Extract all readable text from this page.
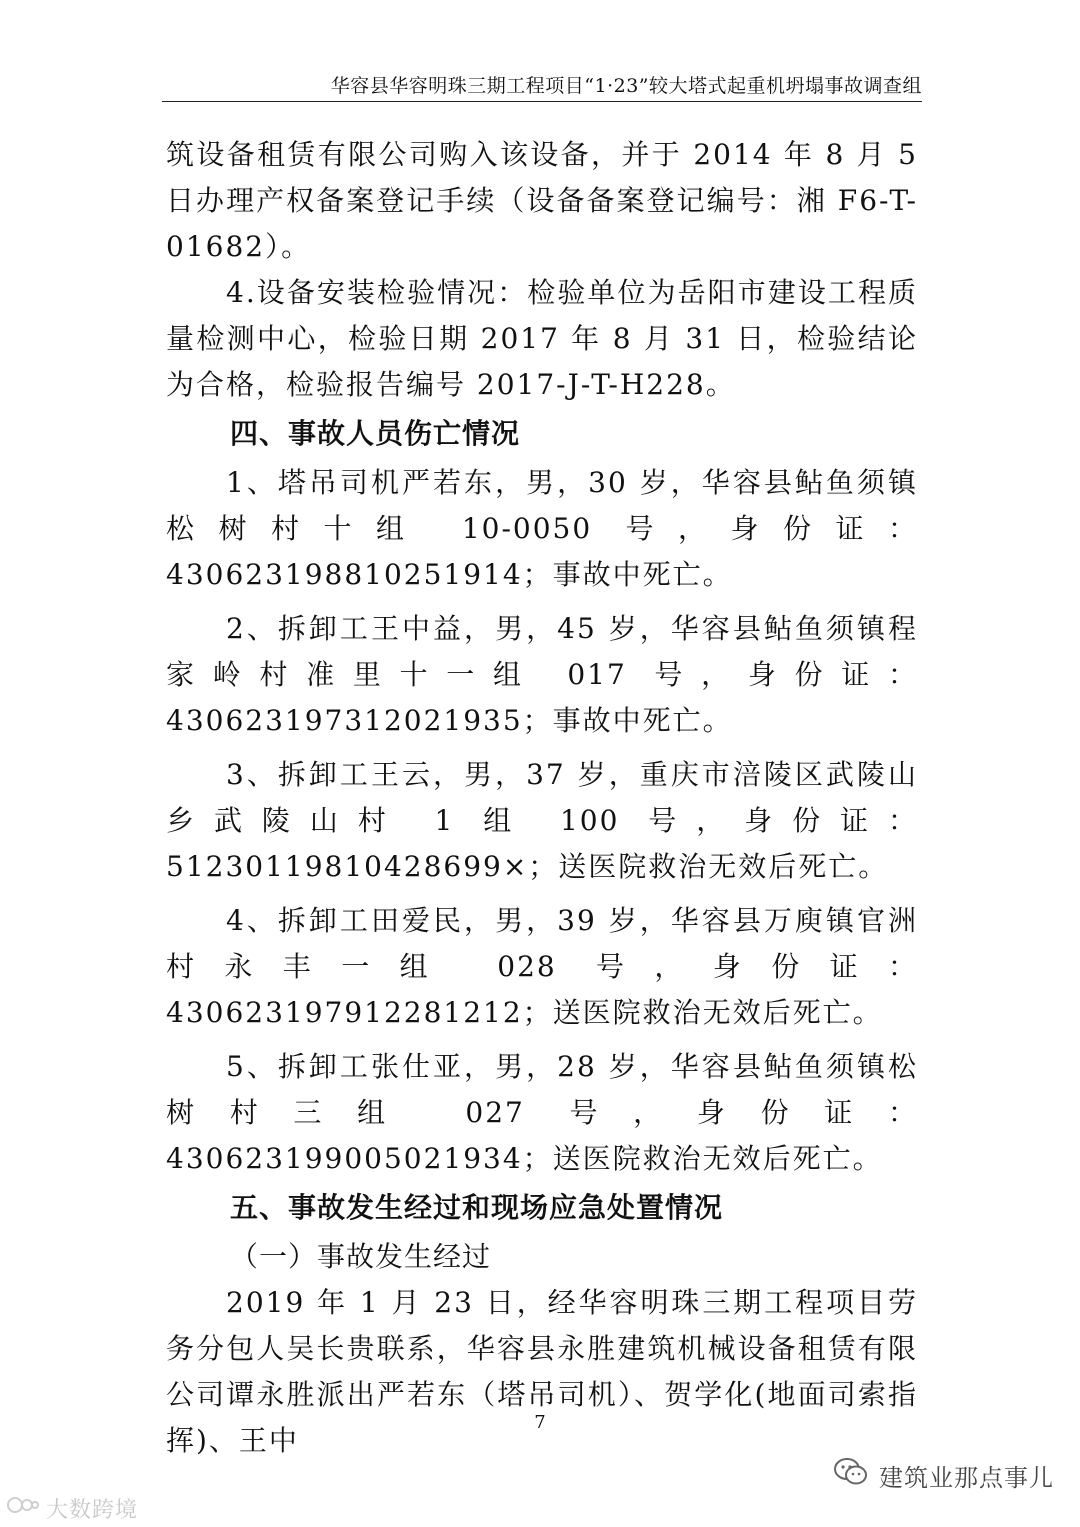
华容县华容明珠三期工程项目“1·23”较大塔式起重机坍塌事故调查组

筑设备租赁有限公司购入该设备，并于 2014 年 8 月 5 日办理产权备案登记手续（设备备案登记编号：湘 F6-T-01682）。

4.设备安装检验情况：检验单位为岳阳市建设工程质量检测中心，检验日期 2017 年 8 月 31 日，检验结论为合格，检验报告编号 2017-J-T-H228。

四、事故人员伤亡情况

1、塔吊司机严若东，男，30 岁，华容县鲇鱼须镇松树村十组 10-0050 号，身份证：430623198810251914；事故中死亡。

2、拆卸工王中益，男，45 岁，华容县鲇鱼须镇程家岭村准里十一组 017 号，身份证：430623197312021935；事故中死亡。

3、拆卸工王云，男，37 岁，重庆市涪陵区武陵山乡武陵山村 1 组 100 号，身份证：51230119810428699×；送医院救治无效后死亡。

4、拆卸工田爱民，男，39 岁，华容县万庾镇官洲村永丰一组 028 号，身份证：430623197912281212；送医院救治无效后死亡。

5、拆卸工张仕亚，男，28 岁，华容县鲇鱼须镇松树村三组 027 号，身份证：430623199005021934；送医院救治无效后死亡。

五、事故发生经过和现场应急处置情况

（一）事故发生经过

2019 年 1 月 23 日，经华容明珠三期工程项目劳务分包人吴长贵联系，华容县永胜建筑机械设备租赁有限公司谭永胜派出严若东（塔吊司机）、贺学化(地面司索指挥)、王中

7
建筑业那点事儿
大数跨境
